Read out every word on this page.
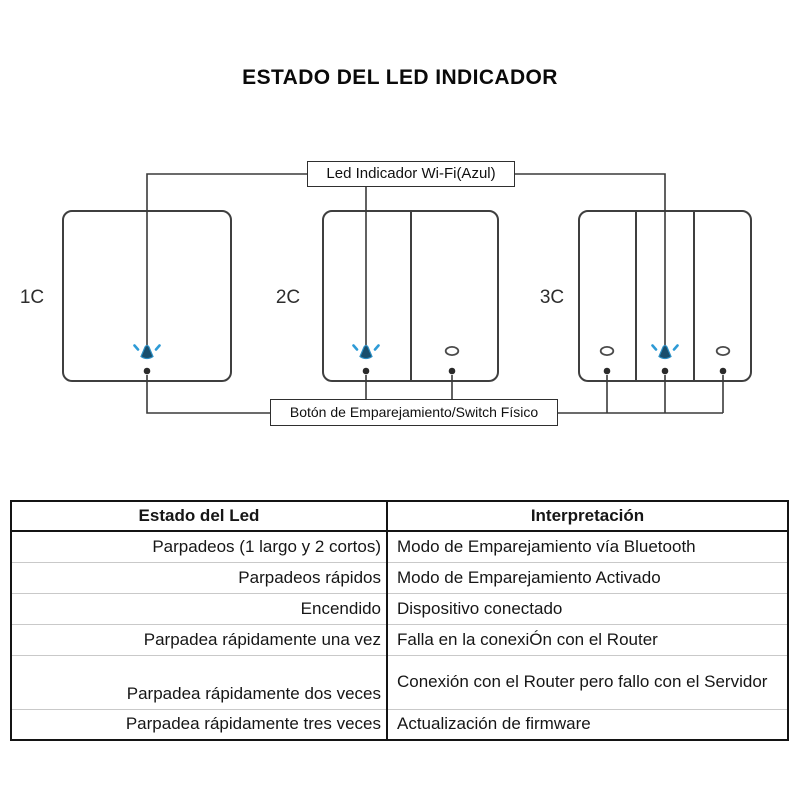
ESTADO DEL LED INDICADOR
1C	2C	3C
Led Indicador Wi-Fi(Azul)
Botón de Emparejamiento/Switch Físico
Estado del Led	Interpretación
Parpadeos (1 largo y 2 cortos)	Modo de Emparejamiento vía Bluetooth
Parpadeos rápidos	Modo de Emparejamiento Activado
Encendido	Dispositivo conectado
Parpadea rápidamente una vez	Falla en la conexiÓn con el Router
Parpadea rápidamente dos veces	Conexión con el Router pero fallo con el Servidor
Parpadea rápidamente tres veces	Actualización de firmware
